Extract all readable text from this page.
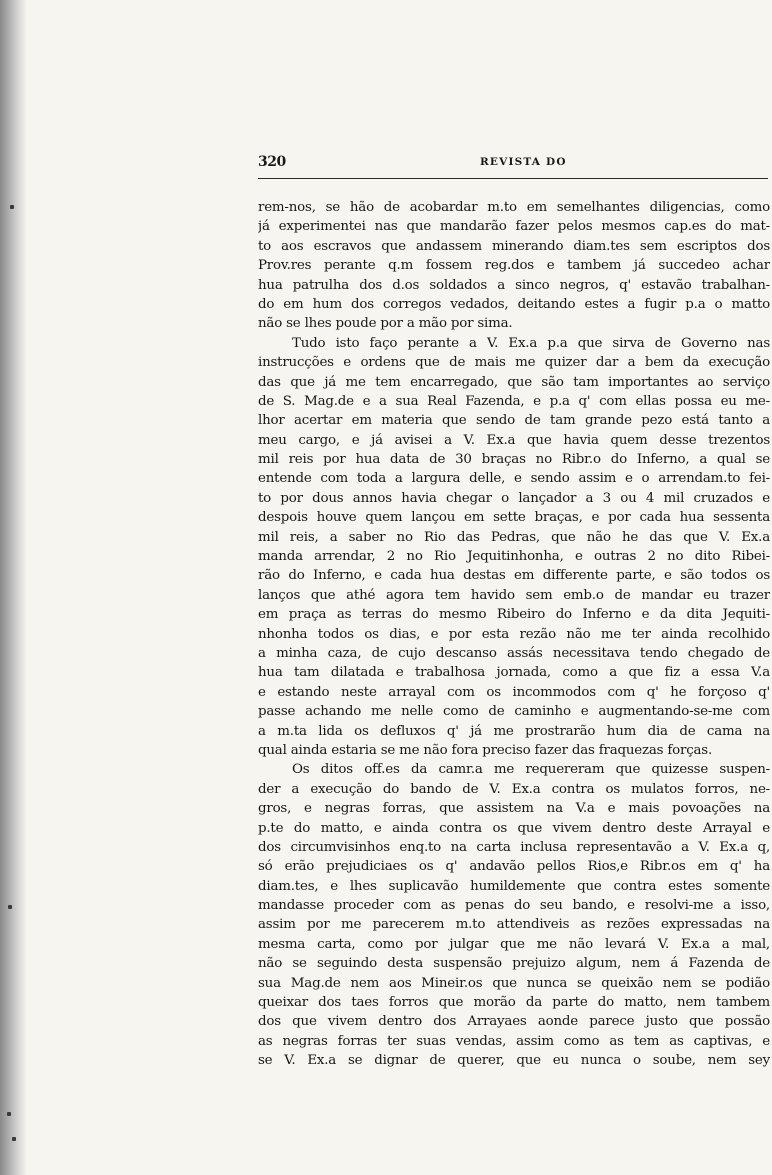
320	REVISTA DO
rem-nos, se hão de acobardar m.to em semelhantes diligencias, como
já experimentei nas que mandarão fazer pelos mesmos cap.es do mat-
to aos escravos que andassem minerando diam.tes sem escriptos dos
Prov.res perante q.m fossem reg.dos e tambem já succedeo achar
hua patrulha dos d.os soldados a sinco negros, q' estavão trabalhan-
do em hum dos corregos vedados, deitando estes a fugir p.a o matto
não se lhes poude por a mão por sima.
Tudo isto faço perante a V. Ex.a p.a que sirva de Governo nas
instrucções e ordens que de mais me quizer dar a bem da execução
das que já me tem encarregado, que são tam importantes ao serviço
de S. Mag.de e a sua Real Fazenda, e p.a q' com ellas possa eu me-
lhor acertar em materia que sendo de tam grande pezo está tanto a
meu cargo, e já avisei a V. Ex.a que havia quem desse trezentos
mil reis por hua data de 30 braças no Ribr.o do Inferno, a qual se
entende com toda a largura delle, e sendo assim e o arrendam.to fei-
to por dous annos havia chegar o lançador a 3 ou 4 mil cruzados e
despois houve quem lançou em sette braças, e por cada hua sessenta
mil reis, a saber no Rio das Pedras, que não he das que V. Ex.a
manda arrendar, 2 no Rio Jequitinhonha, e outras 2 no dito Ribei-
rão do Inferno, e cada hua destas em differente parte, e são todos os
lanços que athé agora tem havido sem emb.o de mandar eu trazer
em praça as terras do mesmo Ribeiro do Inferno e da dita Jequiti-
nhonha todos os dias, e por esta rezão não me ter ainda recolhido
a minha caza, de cujo descanso assás necessitava tendo chegado de
hua tam dilatada e trabalhosa jornada, como a que fiz a essa V.a
e estando neste arrayal com os incommodos com q' he forçoso q'
passe achando me nelle como de caminho e augmentando-se-me com
a m.ta lida os defluxos q' já me prostrarão hum dia de cama na
qual ainda estaria se me não fora preciso fazer das fraquezas forças.
Os ditos off.es da camr.a me requereram que quizesse suspen-
der a execução do bando de V. Ex.a contra os mulatos forros, ne-
gros, e negras forras, que assistem na V.a e mais povoações na
p.te do matto, e ainda contra os que vivem dentro deste Arrayal e
dos circumvisinhos enq.to na carta inclusa representavão a V. Ex.a q,
só erão prejudiciaes os q' andavão pellos Rios,e Ribr.os em q' ha
diam.tes, e lhes suplicavão humildemente que contra estes somente
mandasse proceder com as penas do seu bando, e resolvi-me a isso,
assim por me parecerem m.to attendiveis as rezões expressadas na
mesma carta, como por julgar que me não levará V. Ex.a a mal,
não se seguindo desta suspensão prejuizo algum, nem á Fazenda de
sua Mag.de nem aos Mineir.os que nunca se queixão nem se podião
queixar dos taes forros que morão da parte do matto, nem tambem
dos que vivem dentro dos Arrayaes aonde parece justo que possão
as negras forras ter suas vendas, assim como as tem as captivas, e
se V. Ex.a se dignar de querer, que eu nunca o soube, nem sey
